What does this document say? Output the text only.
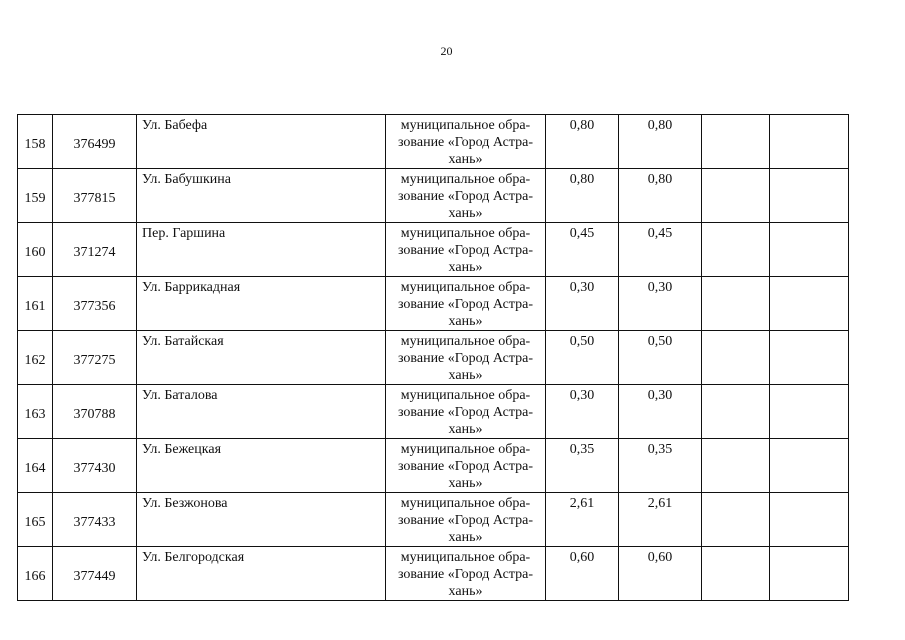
20
158	376499	Ул. Бабефа	муниципальное обра-
зование «Город Астра-
хань»	0,80	0,80		
159	377815	Ул. Бабушкина	муниципальное обра-
зование «Город Астра-
хань»	0,80	0,80		
160	371274	Пер. Гаршина	муниципальное обра-
зование «Город Астра-
хань»	0,45	0,45		
161	377356	Ул. Баррикадная	муниципальное обра-
зование «Город Астра-
хань»	0,30	0,30		
162	377275	Ул. Батайская	муниципальное обра-
зование «Город Астра-
хань»	0,50	0,50		
163	370788	Ул. Баталова	муниципальное обра-
зование «Город Астра-
хань»	0,30	0,30		
164	377430	Ул. Бежецкая	муниципальное обра-
зование «Город Астра-
хань»	0,35	0,35		
165	377433	Ул. Безжонова	муниципальное обра-
зование «Город Астра-
хань»	2,61	2,61		
166	377449	Ул. Белгородская	муниципальное обра-
зование «Город Астра-
хань»	0,60	0,60		
